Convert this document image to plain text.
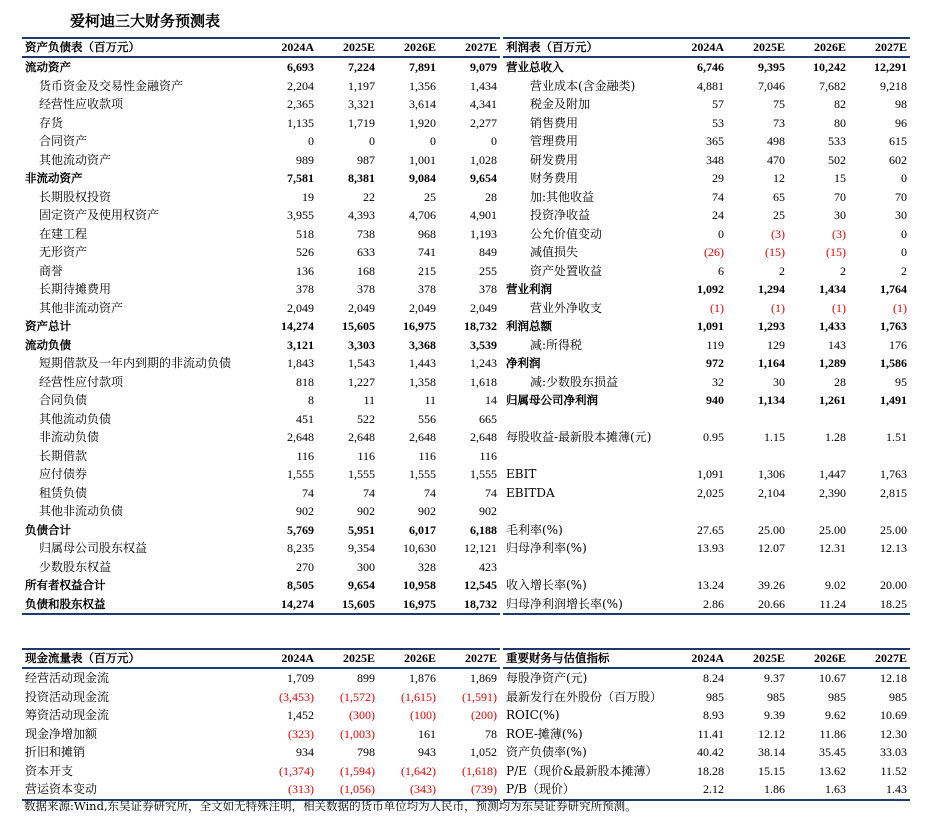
爱柯迪三大财务预测表
资产负债表（百万元）	2024A	2025E	2026E	2027E
流动资产	6,693	7,224	7,891	9,079
货币资金及交易性金融资产	2,204	1,197	1,356	1,434
经营性应收款项	2,365	3,321	3,614	4,341
存货	1,135	1,719	1,920	2,277
合同资产	0	0	0	0
其他流动资产	989	987	1,001	1,028
非流动资产	7,581	8,381	9,084	9,654
长期股权投资	19	22	25	28
固定资产及使用权资产	3,955	4,393	4,706	4,901
在建工程	518	738	968	1,193
无形资产	526	633	741	849
商誉	136	168	215	255
长期待摊费用	378	378	378	378
其他非流动资产	2,049	2,049	2,049	2,049
资产总计	14,274	15,605	16,975	18,732
流动负债	3,121	3,303	3,368	3,539
短期借款及一年内到期的非流动负债	1,843	1,543	1,443	1,243
经营性应付款项	818	1,227	1,358	1,618
合同负债	8	11	11	14
其他流动负债	451	522	556	665
非流动负债	2,648	2,648	2,648	2,648
长期借款	116	116	116	116
应付债券	1,555	1,555	1,555	1,555
租赁负债	74	74	74	74
其他非流动负债	902	902	902	902
负债合计	5,769	5,951	6,017	6,188
归属母公司股东权益	8,235	9,354	10,630	12,121
少数股东权益	270	300	328	423
所有者权益合计	8,505	9,654	10,958	12,545
负债和股东权益	14,274	15,605	16,975	18,732
利润表（百万元）	2024A	2025E	2026E	2027E
营业总收入	6,746	9,395	10,242	12,291
营业成本(含金融类)	4,881	7,046	7,682	9,218
税金及附加	57	75	82	98
销售费用	53	73	80	96
管理费用	365	498	533	615
研发费用	348	470	502	602
财务费用	29	12	15	0
加:其他收益	74	65	70	70
投资净收益	24	25	30	30
公允价值变动	0	(3)	(3)	0
减值损失	(26)	(15)	(15)	0
资产处置收益	6	2	2	2
营业利润	1,092	1,294	1,434	1,764
营业外净收支	(1)	(1)	(1)	(1)
利润总额	1,091	1,293	1,433	1,763
减:所得税	119	129	143	176
净利润	972	1,164	1,289	1,586
减:少数股东损益	32	30	28	95
归属母公司净利润	940	1,134	1,261	1,491

每股收益-最新股本摊薄(元)	0.95	1.15	1.28	1.51

EBIT	1,091	1,306	1,447	1,763
EBITDA	2,025	2,104	2,390	2,815

毛利率(%)	27.65	25.00	25.00	25.00
归母净利率(%)	13.93	12.07	12.31	12.13

收入增长率(%)	13.24	39.26	9.02	20.00
归母净利润增长率(%)	2.86	20.66	11.24	18.25
现金流量表（百万元）	2024A	2025E	2026E	2027E
经营活动现金流	1,709	899	1,876	1,869
投资活动现金流	(3,453)	(1,572)	(1,615)	(1,591)
筹资活动现金流	1,452	(300)	(100)	(200)
现金净增加额	(323)	(1,003)	161	78
折旧和摊销	934	798	943	1,052
资本开支	(1,374)	(1,594)	(1,642)	(1,618)
营运资本变动	(313)	(1,056)	(343)	(739)
重要财务与估值指标	2024A	2025E	2026E	2027E
每股净资产(元)	8.24	9.37	10.67	12.18
最新发行在外股份（百万股）	985	985	985	985
ROIC(%)	8.93	9.39	9.62	10.69
ROE-摊薄(%)	11.41	12.12	11.86	12.30
资产负债率(%)	40.42	38.14	35.45	33.03
P/E（现价&最新股本摊薄）	18.28	15.15	13.62	11.52
P/B（现价）	2.12	1.86	1.63	1.43
数据来源:Wind,东吴证券研究所，全文如无特殊注明，相关数据的货币单位均为人民币，预测均为东吴证券研究所预测。
